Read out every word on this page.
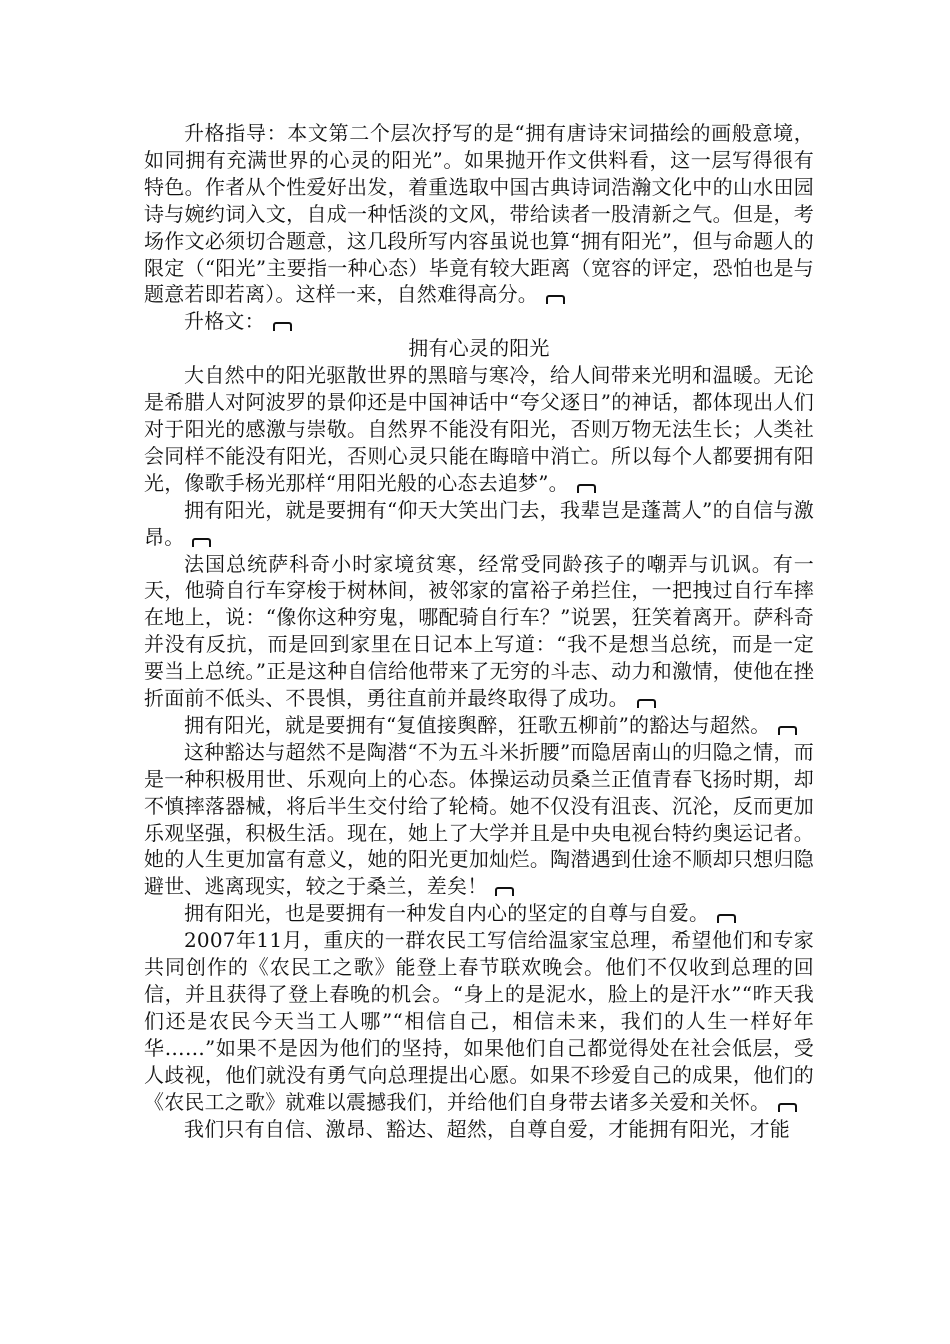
升格指导：本文第二个层次抒写的是“拥有唐诗宋词描绘的画般意境，如同拥有充满世界的心灵的阳光”。如果抛开作文供料看，这一层写得很有特色。作者从个性爱好出发，着重选取中国古典诗词浩瀚文化中的山水田园诗与婉约词入文，自成一种恬淡的文风，带给读者一股清新之气。但是，考场作文必须切合题意，这几段所写内容虽说也算“拥有阳光”，但与命题人的限定（“阳光”主要指一种心态）毕竟有较大距离（宽容的评定，恐怕也是与题意若即若离）。这样一来，自然难得高分。

升格文：

拥有心灵的阳光

大自然中的阳光驱散世界的黑暗与寒冷，给人间带来光明和温暖。无论是希腊人对阿波罗的景仰还是中国神话中“夸父逐日”的神话，都体现出人们对于阳光的感激与崇敬。自然界不能没有阳光，否则万物无法生长；人类社会同样不能没有阳光，否则心灵只能在晦暗中消亡。所以每个人都要拥有阳光，像歌手杨光那样“用阳光般的心态去追梦”。

拥有阳光，就是要拥有“仰天大笑出门去，我辈岂是蓬蒿人”的自信与激昂。

法国总统萨科奇小时家境贫寒，经常受同龄孩子的嘲弄与讥讽。有一天，他骑自行车穿梭于树林间，被邻家的富裕子弟拦住，一把拽过自行车摔在地上，说：“像你这种穷鬼，哪配骑自行车？”说罢，狂笑着离开。萨科奇并没有反抗，而是回到家里在日记本上写道：“我不是想当总统，而是一定要当上总统。”正是这种自信给他带来了无穷的斗志、动力和激情，使他在挫折面前不低头、不畏惧，勇往直前并最终取得了成功。

拥有阳光，就是要拥有“复值接舆醉，狂歌五柳前”的豁达与超然。

这种豁达与超然不是陶潜“不为五斗米折腰”而隐居南山的归隐之情，而是一种积极用世、乐观向上的心态。体操运动员桑兰正值青春飞扬时期，却不慎摔落器械，将后半生交付给了轮椅。她不仅没有沮丧、沉沦，反而更加乐观坚强，积极生活。现在，她上了大学并且是中央电视台特约奥运记者。她的人生更加富有意义，她的阳光更加灿烂。陶潜遇到仕途不顺却只想归隐避世、逃离现实，较之于桑兰，差矣！

拥有阳光，也是要拥有一种发自内心的坚定的自尊与自爱。

2007年11月，重庆的一群农民工写信给温家宝总理，希望他们和专家共同创作的《农民工之歌》能登上春节联欢晚会。他们不仅收到总理的回信，并且获得了登上春晚的机会。“身上的是泥水，脸上的是汗水”“昨天我们还是农民今天当工人哪”“相信自己，相信未来，我们的人生一样好年华……”如果不是因为他们的坚持，如果他们自己都觉得处在社会低层，受人歧视，他们就没有勇气向总理提出心愿。如果不珍爱自己的成果，他们的《农民工之歌》就难以震撼我们，并给他们自身带去诸多关爱和关怀。

我们只有自信、激昂、豁达、超然，自尊自爱，才能拥有阳光，才能
